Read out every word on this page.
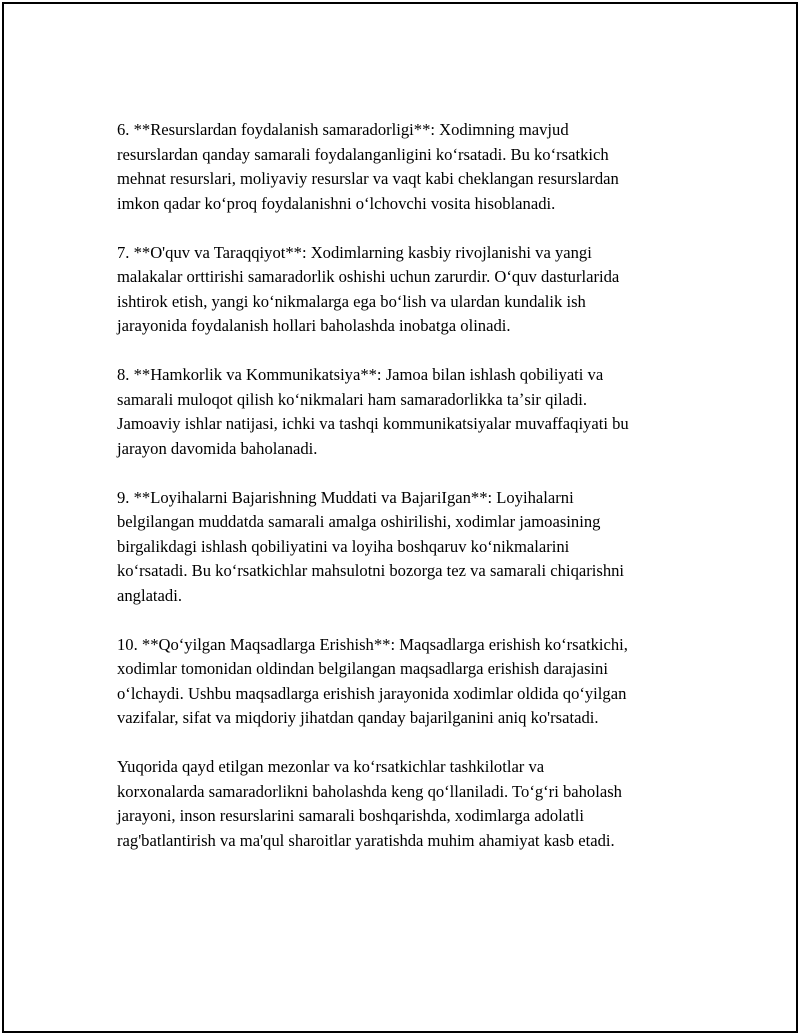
6. **Resurslardan foydalanish samaradorligi**: Xodimning mavjud
resurslardan qanday samarali foydalanganligini koʻrsatadi. Bu koʻrsatkich
mehnat resurslari, moliyaviy resurslar va vaqt kabi cheklangan resurslardan
imkon qadar koʻproq foydalanishni oʻlchovchi vosita hisoblanadi.

7. **O'quv va Taraqqiyot**: Xodimlarning kasbiy rivojlanishi va yangi
malakalar orttirishi samaradorlik oshishi uchun zarurdir. Oʻquv dasturlarida
ishtirok etish, yangi koʻnikmalarga ega boʻlish va ulardan kundalik ish
jarayonida foydalanish hollari baholashda inobatga olinadi.

8. **Hamkorlik va Kommunikatsiya**: Jamoa bilan ishlash qobiliyati va
samarali muloqot qilish koʻnikmalari ham samaradorlikka taʼsir qiladi.
Jamoaviy ishlar natijasi, ichki va tashqi kommunikatsiyalar muvaffaqiyati bu
jarayon davomida baholanadi.

9. **Loyihalarni Bajarishning Muddati va BajariIgan**: Loyihalarni
belgilangan muddatda samarali amalga oshirilishi, xodimlar jamoasining
birgalikdagi ishlash qobiliyatini va loyiha boshqaruv koʻnikmalarini
koʻrsatadi. Bu koʻrsatkichlar mahsulotni bozorga tez va samarali chiqarishni
anglatadi.

10. **Qoʻyilgan Maqsadlarga Erishish**: Maqsadlarga erishish koʻrsatkichi,
xodimlar tomonidan oldindan belgilangan maqsadlarga erishish darajasini
oʻlchaydi. Ushbu maqsadlarga erishish jarayonida xodimlar oldida qoʻyilgan
vazifalar, sifat va miqdoriy jihatdan qanday bajarilganini aniq ko'rsatadi.

Yuqorida qayd etilgan mezonlar va koʻrsatkichlar tashkilotlar va
korxonalarda samaradorlikni baholashda keng qoʻllaniladi. Toʻgʻri baholash
jarayoni, inson resurslarini samarali boshqarishda, xodimlarga adolatli
rag'batlantirish va ma'qul sharoitlar yaratishda muhim ahamiyat kasb etadi.
